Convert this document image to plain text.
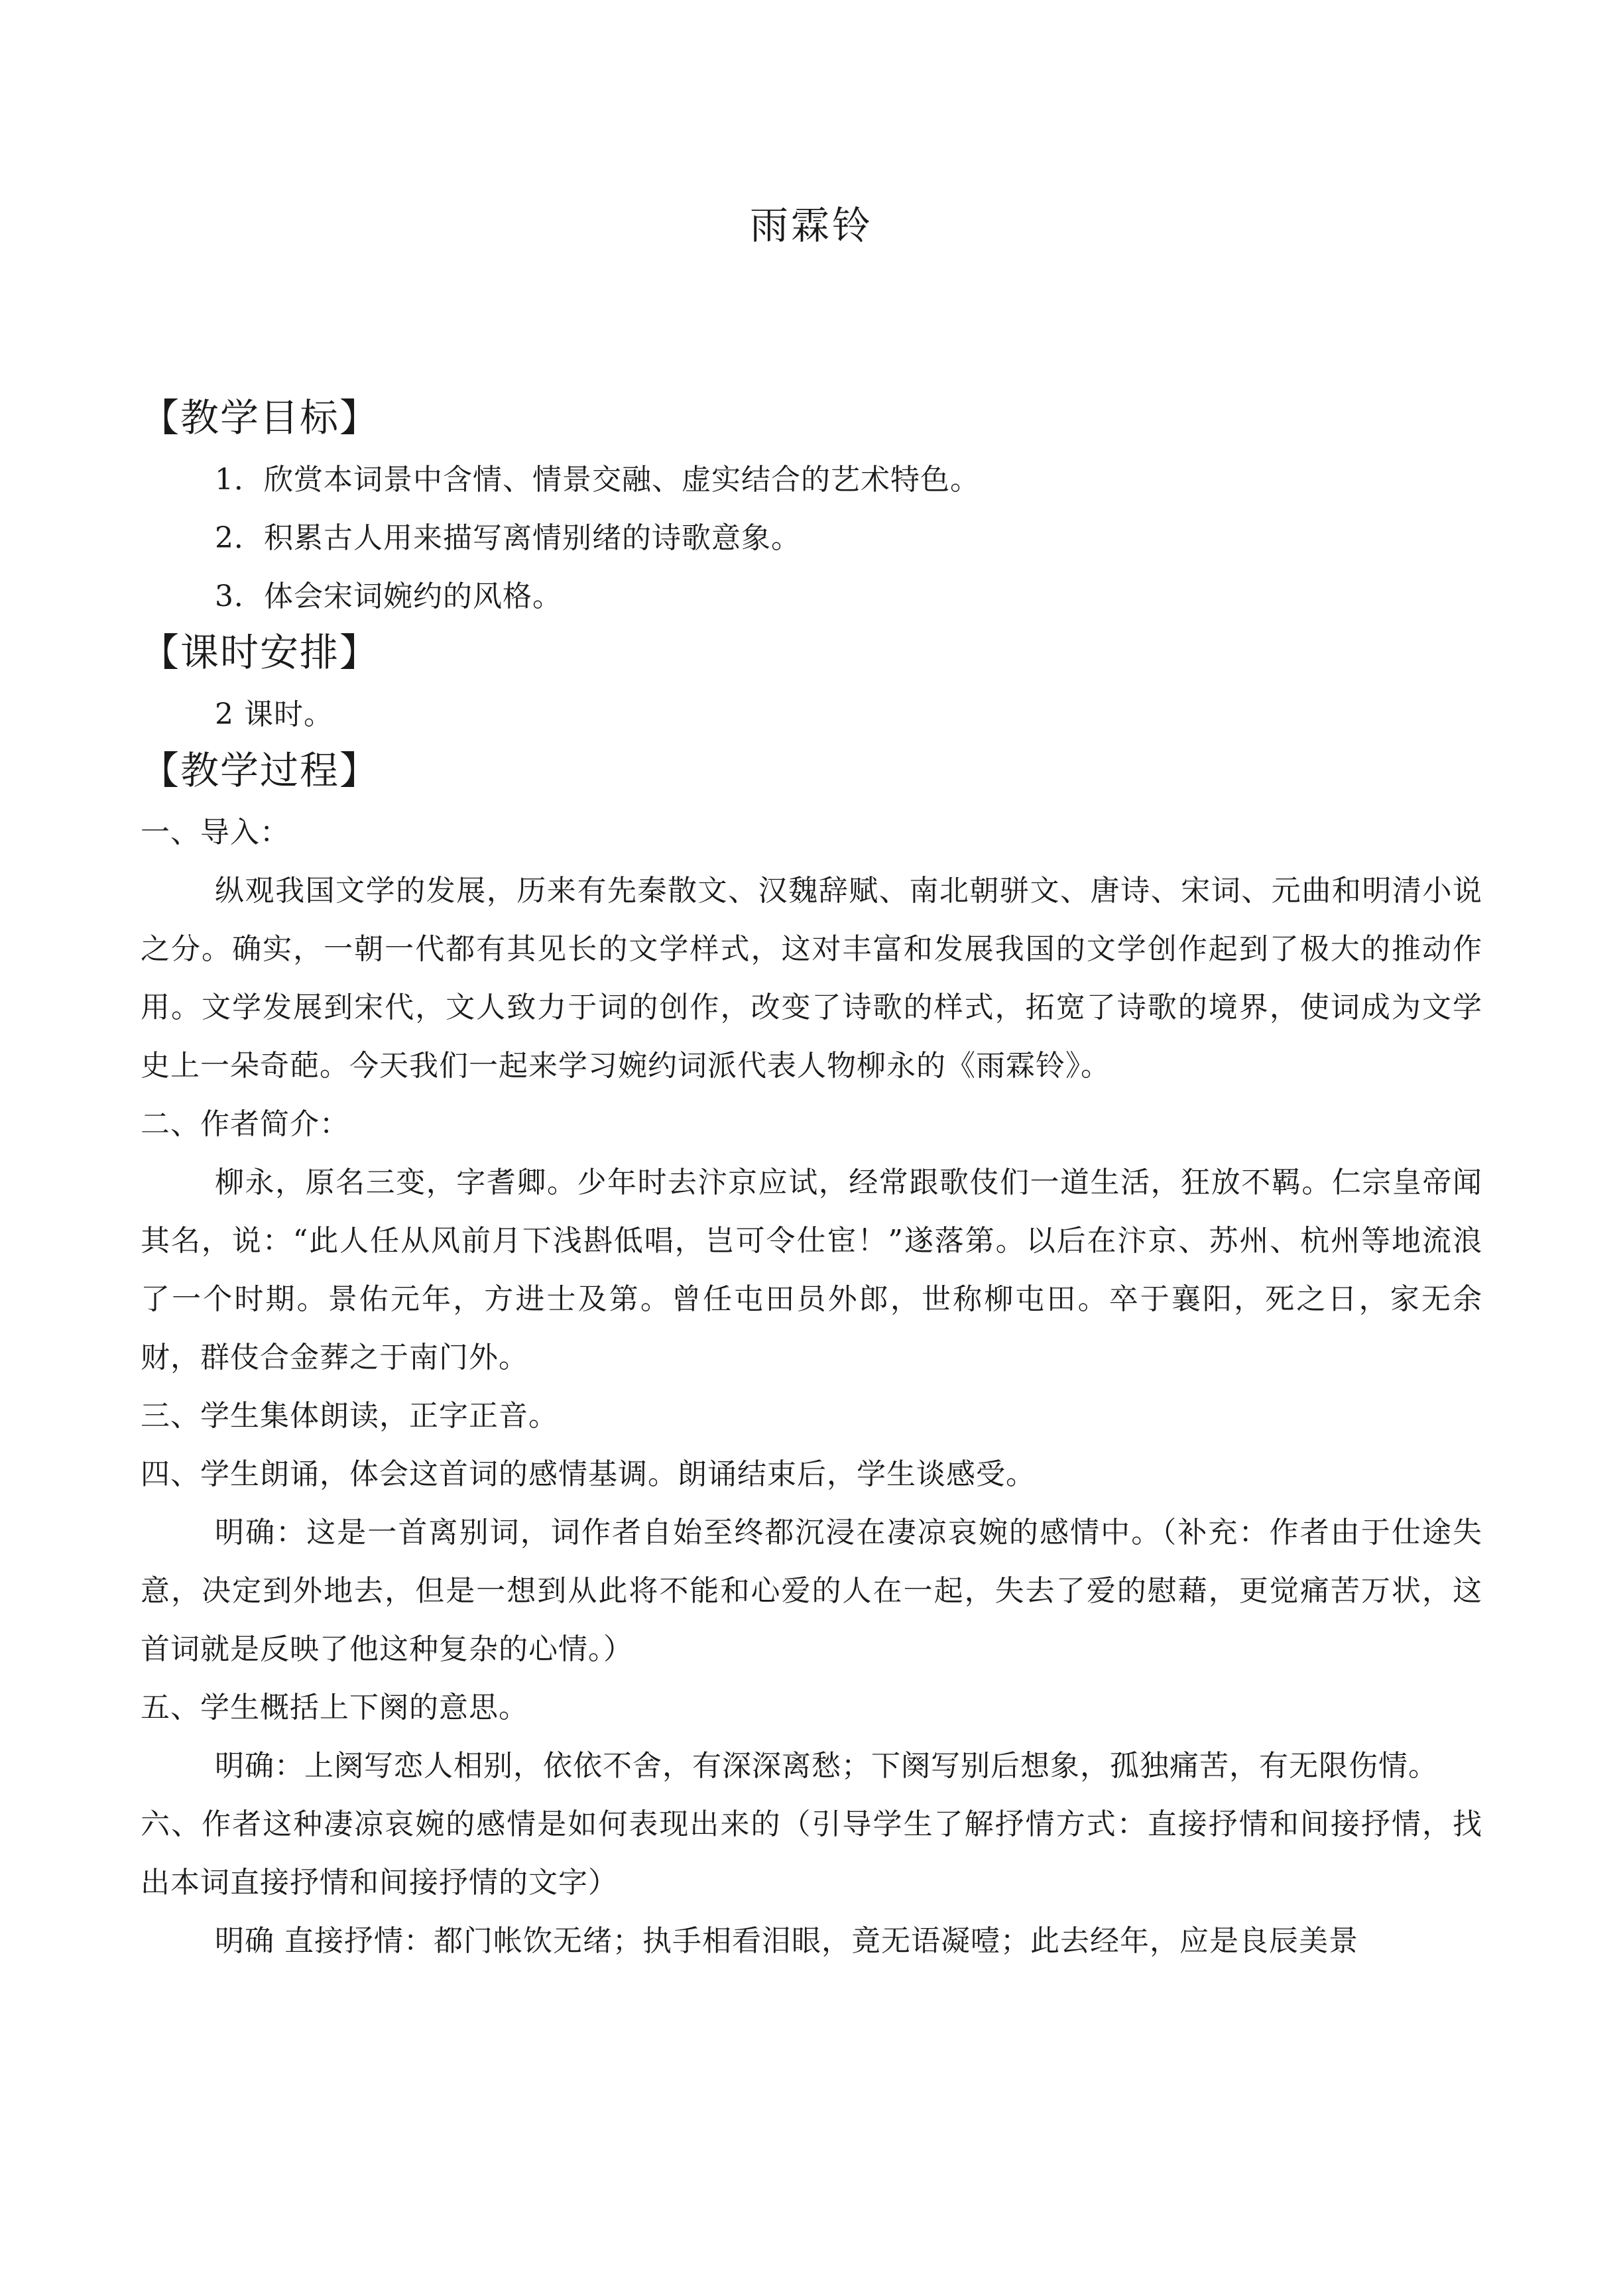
雨霖铃
【教学目标】

1．欣赏本词景中含情、情景交融、虚实结合的艺术特色。

2．积累古人用来描写离情别绪的诗歌意象。

3．体会宋词婉约的风格。

【课时安排】

2 课时。

【教学过程】

一、导入：

纵观我国文学的发展，历来有先秦散文、汉魏辞赋、南北朝骈文、唐诗、宋词、元曲和明清小说之分。确实，一朝一代都有其见长的文学样式，这对丰富和发展我国的文学创作起到了极大的推动作用。文学发展到宋代，文人致力于词的创作，改变了诗歌的样式，拓宽了诗歌的境界，使词成为文学史上一朵奇葩。今天我们一起来学习婉约词派代表人物柳永的《雨霖铃》。

二、作者简介：

柳永，原名三变，字耆卿。少年时去汴京应试，经常跟歌伎们一道生活，狂放不羁。仁宗皇帝闻其名，说：“此人任从风前月下浅斟低唱，岂可令仕宦！”遂落第。以后在汴京、苏州、杭州等地流浪了一个时期。景佑元年，方进士及第。曾任屯田员外郎，世称柳屯田。卒于襄阳，死之日，家无余财，群伎合金葬之于南门外。

三、学生集体朗读，正字正音。

四、学生朗诵，体会这首词的感情基调。朗诵结束后，学生谈感受。

明确：这是一首离别词，词作者自始至终都沉浸在凄凉哀婉的感情中。（补充：作者由于仕途失意，决定到外地去，但是一想到从此将不能和心爱的人在一起，失去了爱的慰藉，更觉痛苦万状，这首词就是反映了他这种复杂的心情。）

五、学生概括上下阕的意思。

明确：上阕写恋人相别，依依不舍，有深深离愁；下阕写别后想象，孤独痛苦，有无限伤情。

六、作者这种凄凉哀婉的感情是如何表现出来的（引导学生了解抒情方式：直接抒情和间接抒情，找出本词直接抒情和间接抒情的文字）

明确 直接抒情：都门帐饮无绪；执手相看泪眼，竟无语凝噎；此去经年，应是良辰美景
